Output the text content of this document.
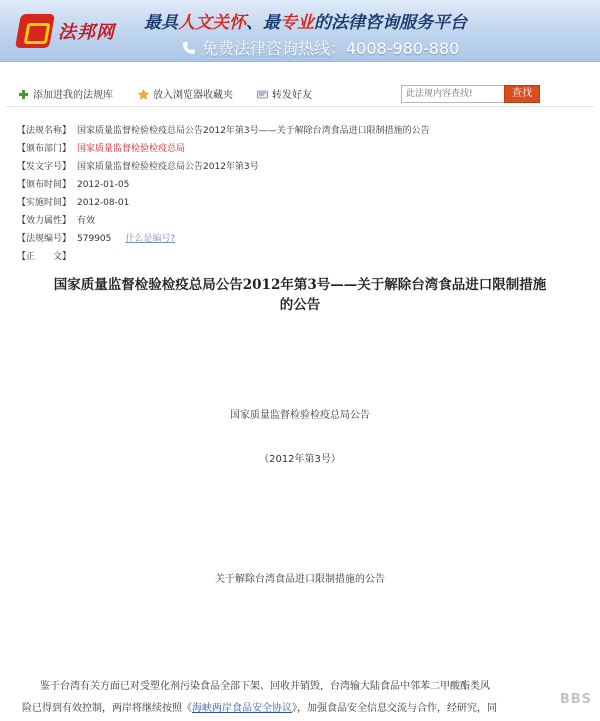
法邦网 最具人文关怀、最专业的法律咨询服务平台
免费法律咨询热线：4008-980-880
添加进我的法规库	放入浏览器收藏夹	转发好友
此法规内容查找!	查找
【法规名称】 国家质量监督检验检疫总局公告2012年第3号——关于解除台湾食品进口限制措施的公告
【颁布部门】 国家质量监督检验检疫总局
【发文字号】 国家质量监督检验检疫总局公告2012年第3号
【颁布时间】 2012-01-05
【实施时间】 2012-08-01
【效力属性】 有效
【法规编号】 579905 什么是编号?
【正　　文】
国家质量监督检验检疫总局公告2012年第3号——关于解除台湾食品进口限制措施
的公告
国家质量监督检验检疫总局公告
（2012年第3号）
关于解除台湾食品进口限制措施的公告
鉴于台湾有关方面已对受塑化剂污染食品全部下架、回收并销毁，台湾输大陆食品中邻苯二甲酸酯类风
险已得到有效控制，两岸将继续按照《海峡两岸食品安全协议》，加强食品安全信息交流与合作，经研究，同
BBS
